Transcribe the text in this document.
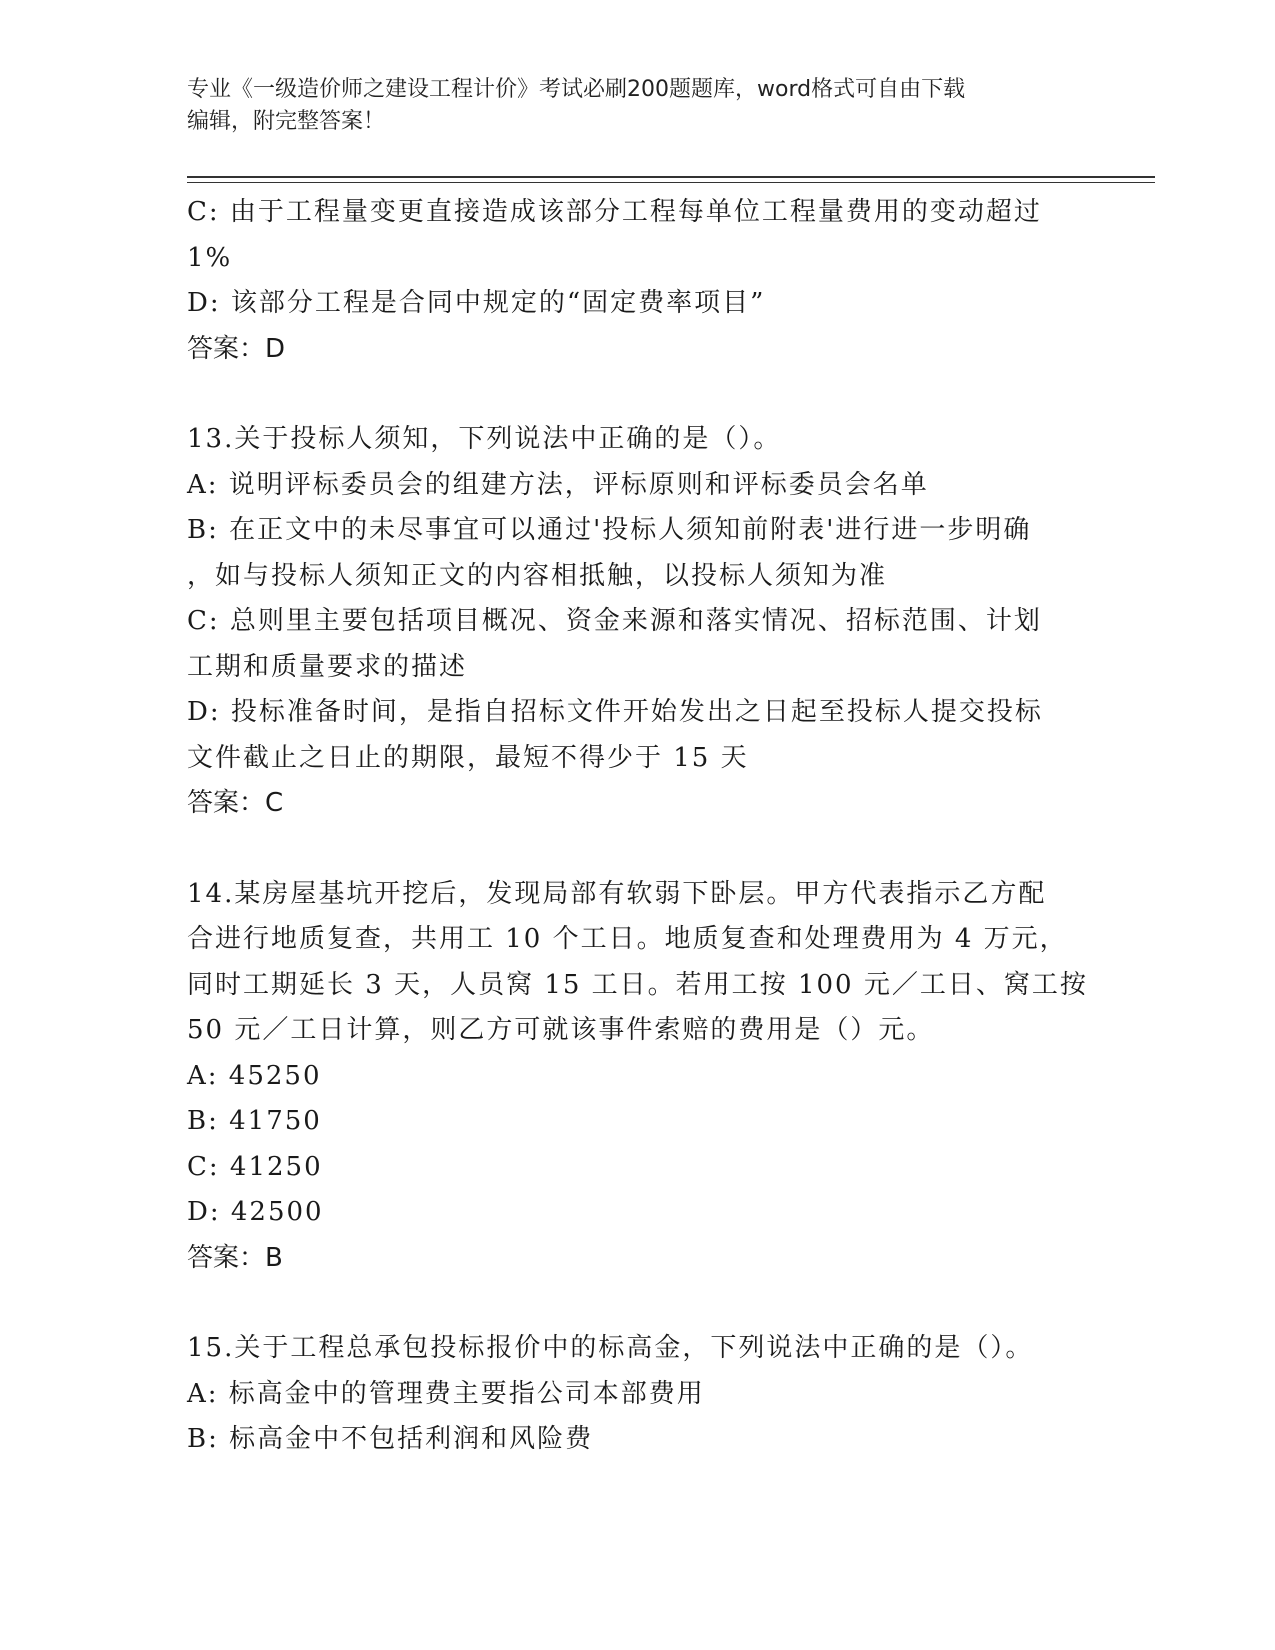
专业《一级造价师之建设工程计价》考试必刷200题题库，word格式可自由下载
编辑，附完整答案！
C: 由于工程量变更直接造成该部分工程每单位工程量费用的变动超过
1%
D: 该部分工程是合同中规定的“固定费率项目”
答案：D
13.关于投标人须知，下列说法中正确的是（）。
A: 说明评标委员会的组建方法，评标原则和评标委员会名单
B: 在正文中的未尽事宜可以通过'投标人须知前附表'进行进一步明确
，如与投标人须知正文的内容相抵触，以投标人须知为准
C: 总则里主要包括项目概况、资金来源和落实情况、招标范围、计划
工期和质量要求的描述
D: 投标准备时间，是指自招标文件开始发出之日起至投标人提交投标
文件截止之日止的期限，最短不得少于 15 天
答案：C
14.某房屋基坑开挖后，发现局部有软弱下卧层。甲方代表指示乙方配
合进行地质复查，共用工 10 个工日。地质复查和处理费用为 4 万元，
同时工期延长 3 天，人员窝 15 工日。若用工按 100 元／工日、窝工按
50 元／工日计算，则乙方可就该事件索赔的费用是（）元。
A: 45250
B: 41750
C: 41250
D: 42500
答案：B
15.关于工程总承包投标报价中的标高金，下列说法中正确的是（）。
A: 标高金中的管理费主要指公司本部费用
B: 标高金中不包括利润和风险费
